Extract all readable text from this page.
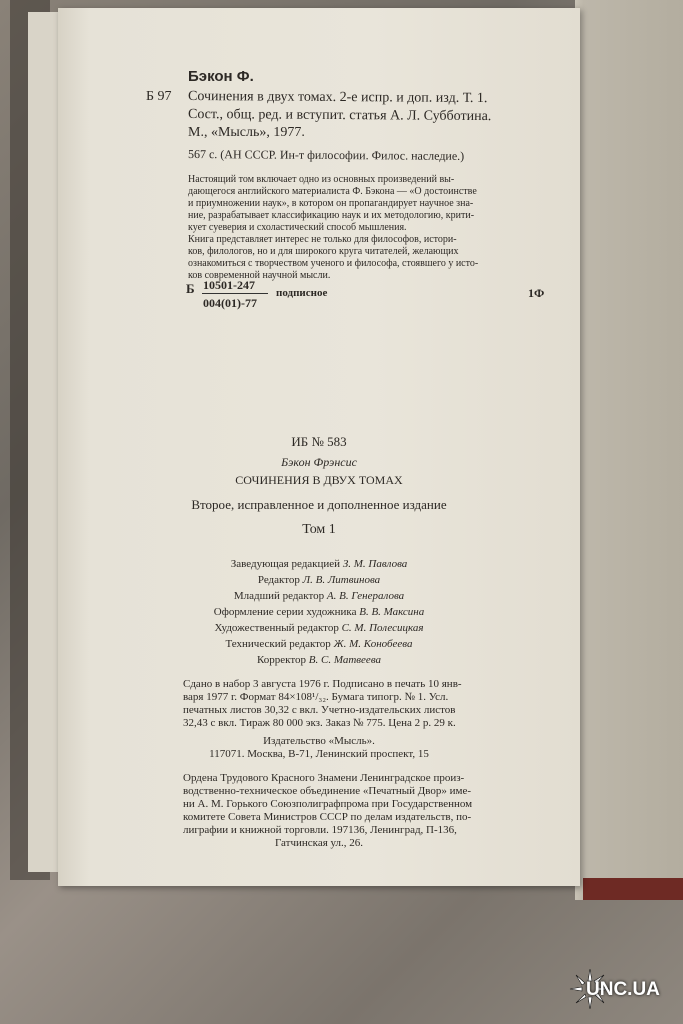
Бэкон Ф.
Б 97 Сочинения в двух томах. 2-е испр. и доп. изд. Т. 1.
Сост., общ. ред. и вступит. статья А. Л. Субботина.
М., «Мысль», 1977.
567 с. (АН СССР. Ин-т философии. Филос. наследие.)
Настоящий том включает одно из основных произведений вы-
дающегося английского материалиста Ф. Бэкона — «О достоинстве
и приумножении наук», в котором он пропагандирует научное зна-
ние, разрабатывает классификацию наук и их методологию, крити-
кует суеверия и схоластический способ мышления.
Книга представляет интерес не только для философов, истори-
ков, филологов, но и для широкого круга читателей, желающих
ознакомиться с творчеством ученого и философа, стоявшего у исто-
ков современной научной мысли.
Б 10501-247
004(01)-77
подписное	1Ф
ИБ № 583
Бэкон Фрэнсис
СОЧИНЕНИЯ В ДВУХ ТОМАХ
Второе, исправленное и дополненное издание
Том 1
Заведующая редакцией З. М. Павлова
Редактор Л. В. Литвинова
Младший редактор А. В. Генералова
Оформление серии художника В. В. Максина
Художественный редактор С. М. Полесицкая
Технический редактор Ж. М. Конобеева
Корректор В. С. Матвеева
Сдано в набор 3 августа 1976 г. Подписано в печать 10 янв-
варя 1977 г. Формат 84×108¹/₃₂. Бумага типогр. № 1. Усл.
печатных листов 30,32 с вкл. Учетно-издательских листов
32,43 с вкл. Тираж 80 000 экз. Заказ № 775. Цена 2 р. 29 к.
Издательство «Мысль».
117071. Москва, В-71, Ленинский проспект, 15
Ордена Трудового Красного Знамени Ленинградское произ-
водственно-техническое объединение «Печатный Двор» име-
ни А. М. Горького Союзполиграфпрома при Государственном
комитете Совета Министров СССР по делам издательств, по-
лиграфии и книжной торговли. 197136, Ленинград, П-136,
Гатчинская ул., 26.
UNC.UA
